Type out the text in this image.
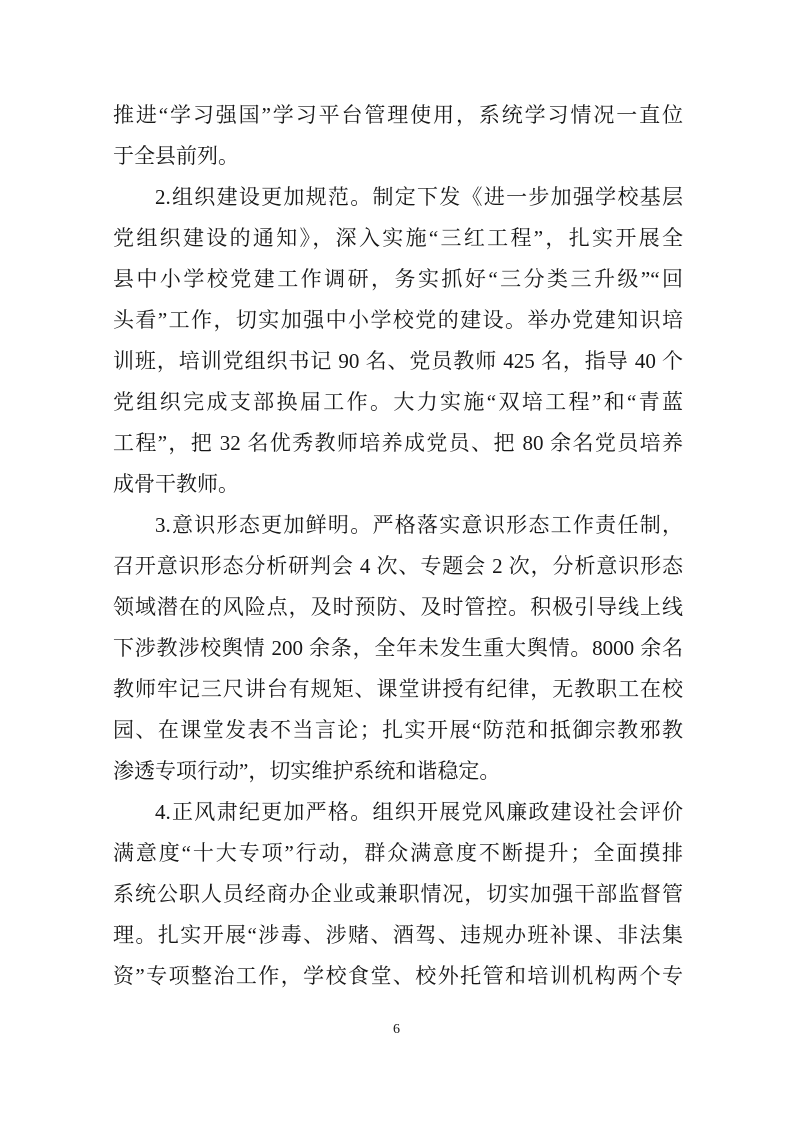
推进“学习强国”学习平台管理使用，系统学习情况一直位
于全县前列。
2.组织建设更加规范。制定下发《进一步加强学校基层
党组织建设的通知》，深入实施“三红工程”，扎实开展全
县中小学校党建工作调研，务实抓好“三分类三升级”“回
头看”工作，切实加强中小学校党的建设。举办党建知识培
训班，培训党组织书记 90 名、党员教师 425 名，指导 40 个
党组织完成支部换届工作。大力实施“双培工程”和“青蓝
工程”，把 32 名优秀教师培养成党员、把 80 余名党员培养
成骨干教师。
3.意识形态更加鲜明。严格落实意识形态工作责任制，
召开意识形态分析研判会 4 次、专题会 2 次，分析意识形态
领域潜在的风险点，及时预防、及时管控。积极引导线上线
下涉教涉校舆情 200 余条，全年未发生重大舆情。8000 余名
教师牢记三尺讲台有规矩、课堂讲授有纪律，无教职工在校
园、在课堂发表不当言论；扎实开展“防范和抵御宗教邪教
渗透专项行动”，切实维护系统和谐稳定。
4.正风肃纪更加严格。组织开展党风廉政建设社会评价
满意度“十大专项”行动，群众满意度不断提升；全面摸排
系统公职人员经商办企业或兼职情况，切实加强干部监督管
理。扎实开展“涉毒、涉赌、酒驾、违规办班补课、非法集
资”专项整治工作，学校食堂、校外托管和培训机构两个专
6
